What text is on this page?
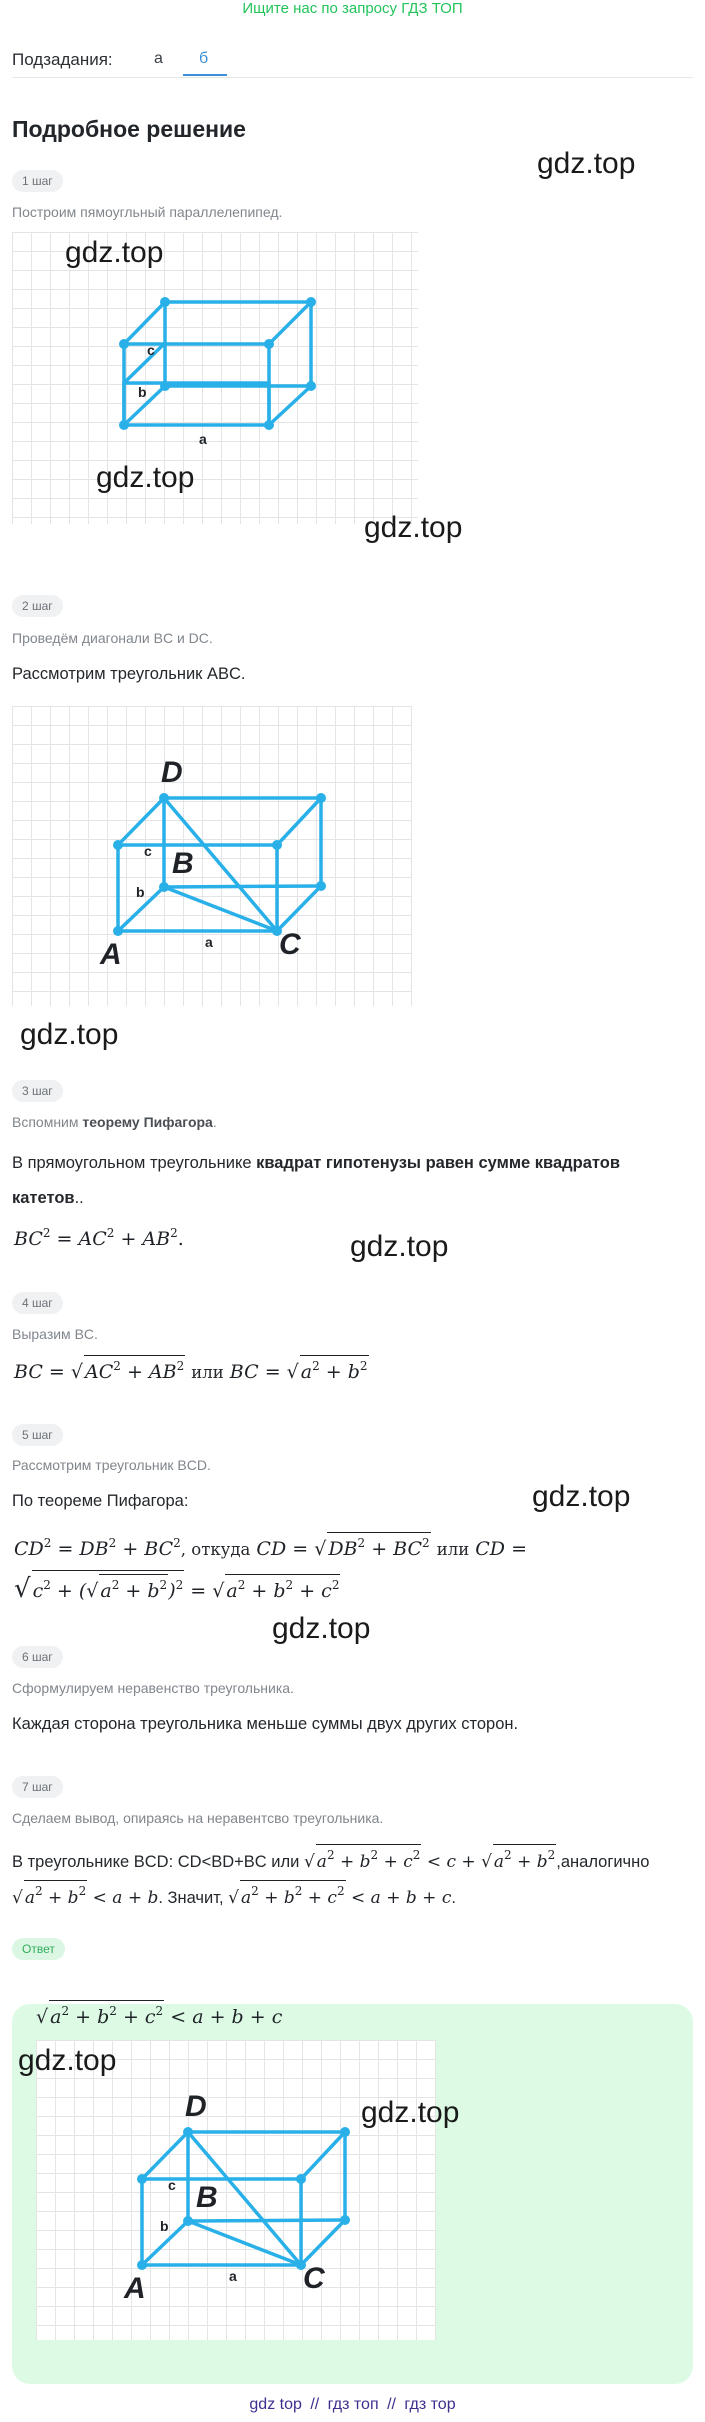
Ищите нас по запросу ГДЗ ТОП
Подзадания:	а	б
Подробное решение
gdz.top
1 шаг
Построим пямоугльный параллелепипед.
c
b
a
gdz.top
gdz.top
gdz.top
2 шаг
Проведём диагонали BC и DC.
Рассмотрим треугольник ABC.
c
b
a
D
B
A	C
gdz.top
3 шаг
Вспомним теорему Пифагора.
В прямоугольном треугольнике квадрат гипотенузы равен сумме квадратов катетов..
$BC^2 = AC^2 + AB^2$.	gdz.top
4 шаг
Выразим BC.
BC = √ $AC^2 + AB^2$ или BC = √ $a^2 + b^2$
5 шаг
Рассмотрим треугольник BCD.
По теореме Пифагора:	gdz.top
$CD^2 = DB^2 + BC^2$, откуда CD = √ $DB^2 + BC^2$ или CD =
√ $c^2$ + (√ $a^2 + b^2)^2$ = √ $a^2 + b^2 + c^2$
gdz.top
6 шаг
Сформулируем неравенство треугольника.
Каждая сторона треугольника меньше суммы двух других сторон.
7 шаг
Сделаем вывод, опираясь на неравентсво треугольника.
В треугольнике BCD: CD<BD+BC или √ $a^2 + b^2 + c^2 < c$ + √ $a^2$ + $b^2,аналогично$
√ $a^2 + b^2 < a + b$. Значит, √ $a^2 + b^2 + c^2 < a + b + c$.
Ответ
√ $a^2 + b^2 + c^2 < a + b + c$
c
b
a
D
B
A	C
gdz.top
gdz.top
gdz top // гдз топ // гдз тор
